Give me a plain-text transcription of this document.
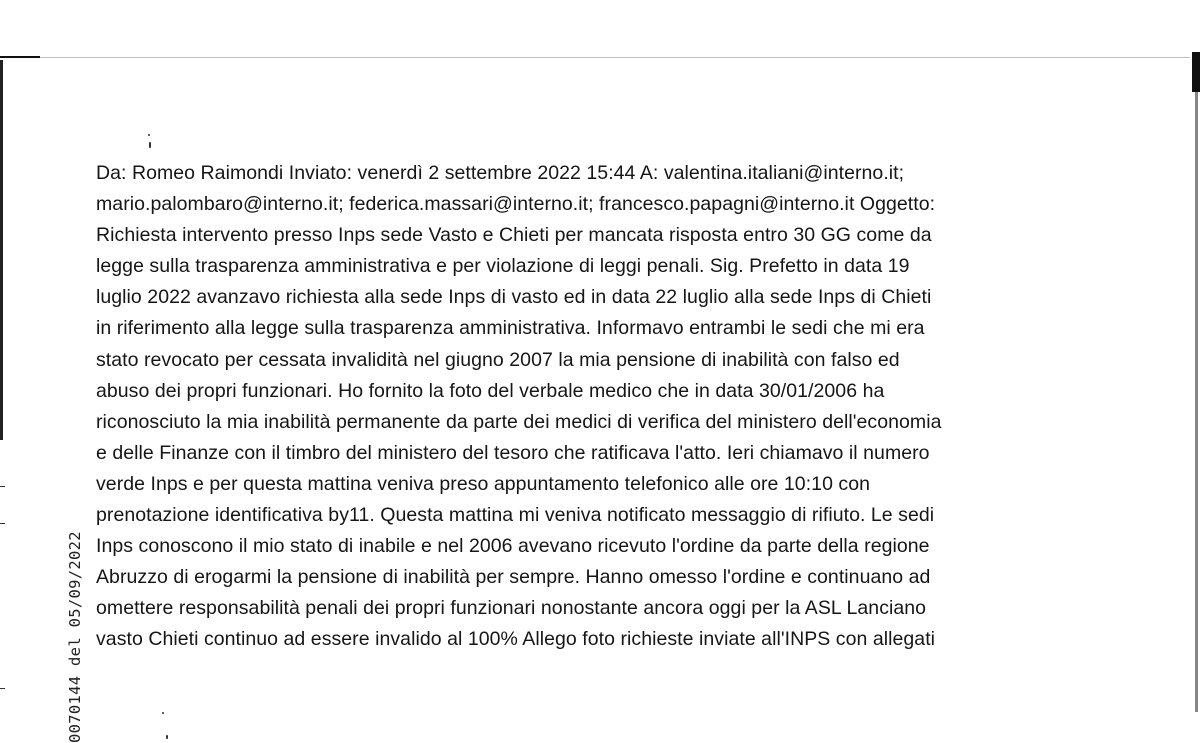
0070144 del 05/09/2022
Da: Romeo Raimondi Inviato: venerdì 2 settembre 2022 15:44 A: valentina.italiani@interno.it;
mario.palombaro@interno.it; federica.massari@interno.it; francesco.papagni@interno.it Oggetto:
Richiesta intervento presso Inps sede Vasto e Chieti per mancata risposta entro 30 GG come da
legge sulla trasparenza amministrativa e per violazione di leggi penali. Sig. Prefetto in data 19
luglio 2022 avanzavo richiesta alla sede Inps di vasto ed in data 22 luglio alla sede Inps di Chieti
in riferimento alla legge sulla trasparenza amministrativa. Informavo entrambi le sedi che mi era
stato revocato per cessata invalidità nel giugno 2007 la mia pensione di inabilità con falso ed
abuso dei propri funzionari. Ho fornito la foto del verbale medico che in data 30/01/2006 ha
riconosciuto la mia inabilità permanente da parte dei medici di verifica del ministero dell'economia
e delle Finanze con il timbro del ministero del tesoro che ratificava l'atto. Ieri chiamavo il numero
verde Inps e per questa mattina veniva preso appuntamento telefonico alle ore 10:10 con
prenotazione identificativa by11. Questa mattina mi veniva notificato messaggio di rifiuto. Le sedi
Inps conoscono il mio stato di inabile e nel 2006 avevano ricevuto l'ordine da parte della regione
Abruzzo di erogarmi la pensione di inabilità per sempre. Hanno omesso l'ordine e continuano ad
omettere responsabilità penali dei propri funzionari nonostante ancora oggi per la ASL Lanciano
vasto Chieti continuo ad essere invalido al 100% Allego foto richieste inviate all'INPS con allegati
